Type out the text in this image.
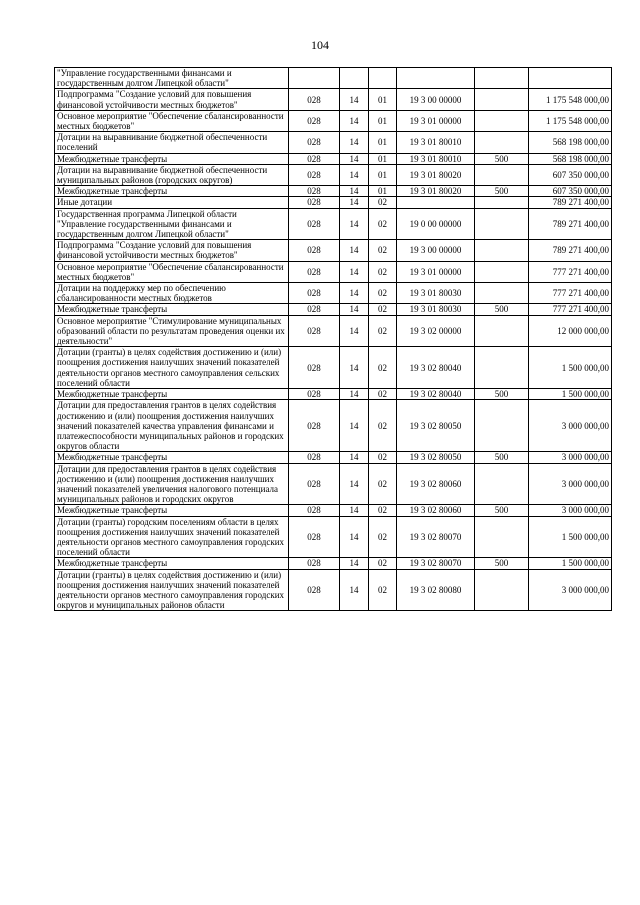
104
"Управление государственными финансами и государственным долгом Липецкой области"						
Подпрограмма "Создание условий для повышения финансовой устойчивости местных бюджетов"	028	14	01	19 3 00 00000		1 175 548 000,00
Основное мероприятие "Обеспечение сбалансированности местных бюджетов"	028	14	01	19 3 01 00000		1 175 548 000,00
Дотации на выравнивание бюджетной обеспеченности поселений	028	14	01	19 3 01 80010		568 198 000,00
Межбюджетные трансферты	028	14	01	19 3 01 80010	500	568 198 000,00
Дотации на выравнивание бюджетной обеспеченности муниципальных районов (городских округов)	028	14	01	19 3 01 80020		607 350 000,00
Межбюджетные трансферты	028	14	01	19 3 01 80020	500	607 350 000,00
Иные дотации	028	14	02			789 271 400,00
Государственная программа Липецкой области "Управление государственными финансами и государственным долгом Липецкой области"	028	14	02	19 0 00 00000		789 271 400,00
Подпрограмма "Создание условий для повышения финансовой устойчивости местных бюджетов"	028	14	02	19 3 00 00000		789 271 400,00
Основное мероприятие "Обеспечение сбалансированности местных бюджетов"	028	14	02	19 3 01 00000		777 271 400,00
Дотации на поддержку мер по обеспечению сбалансированности местных бюджетов	028	14	02	19 3 01 80030		777 271 400,00
Межбюджетные трансферты	028	14	02	19 3 01 80030	500	777 271 400,00
Основное мероприятие "Стимулирование муниципальных образований области по результатам проведения оценки их деятельности"	028	14	02	19 3 02 00000		12 000 000,00
Дотации (гранты) в целях содействия достижению и (или) поощрения достижения наилучших значений показателей деятельности органов местного самоуправления сельских поселений области	028	14	02	19 3 02 80040		1 500 000,00
Межбюджетные трансферты	028	14	02	19 3 02 80040	500	1 500 000,00
Дотации для предоставления грантов в целях содействия достижению и (или) поощрения достижения наилучших значений показателей качества управления финансами и платежеспособности муниципальных районов и городских округов области	028	14	02	19 3 02 80050		3 000 000,00
Межбюджетные трансферты	028	14	02	19 3 02 80050	500	3 000 000,00
Дотации для предоставления грантов в целях содействия достижению и (или) поощрения достижения наилучших значений показателей увеличения налогового потенциала муниципальных районов и городских округов	028	14	02	19 3 02 80060		3 000 000,00
Межбюджетные трансферты	028	14	02	19 3 02 80060	500	3 000 000,00
Дотации (гранты) городским поселениям области в целях поощрения достижения наилучших значений показателей деятельности органов местного самоуправления городских поселений области	028	14	02	19 3 02 80070		1 500 000,00
Межбюджетные трансферты	028	14	02	19 3 02 80070	500	1 500 000,00
Дотации (гранты) в целях содействия достижению и (или) поощрения достижения наилучших значений показателей деятельности органов местного самоуправления городских округов и муниципальных районов области	028	14	02	19 3 02 80080		3 000 000,00
